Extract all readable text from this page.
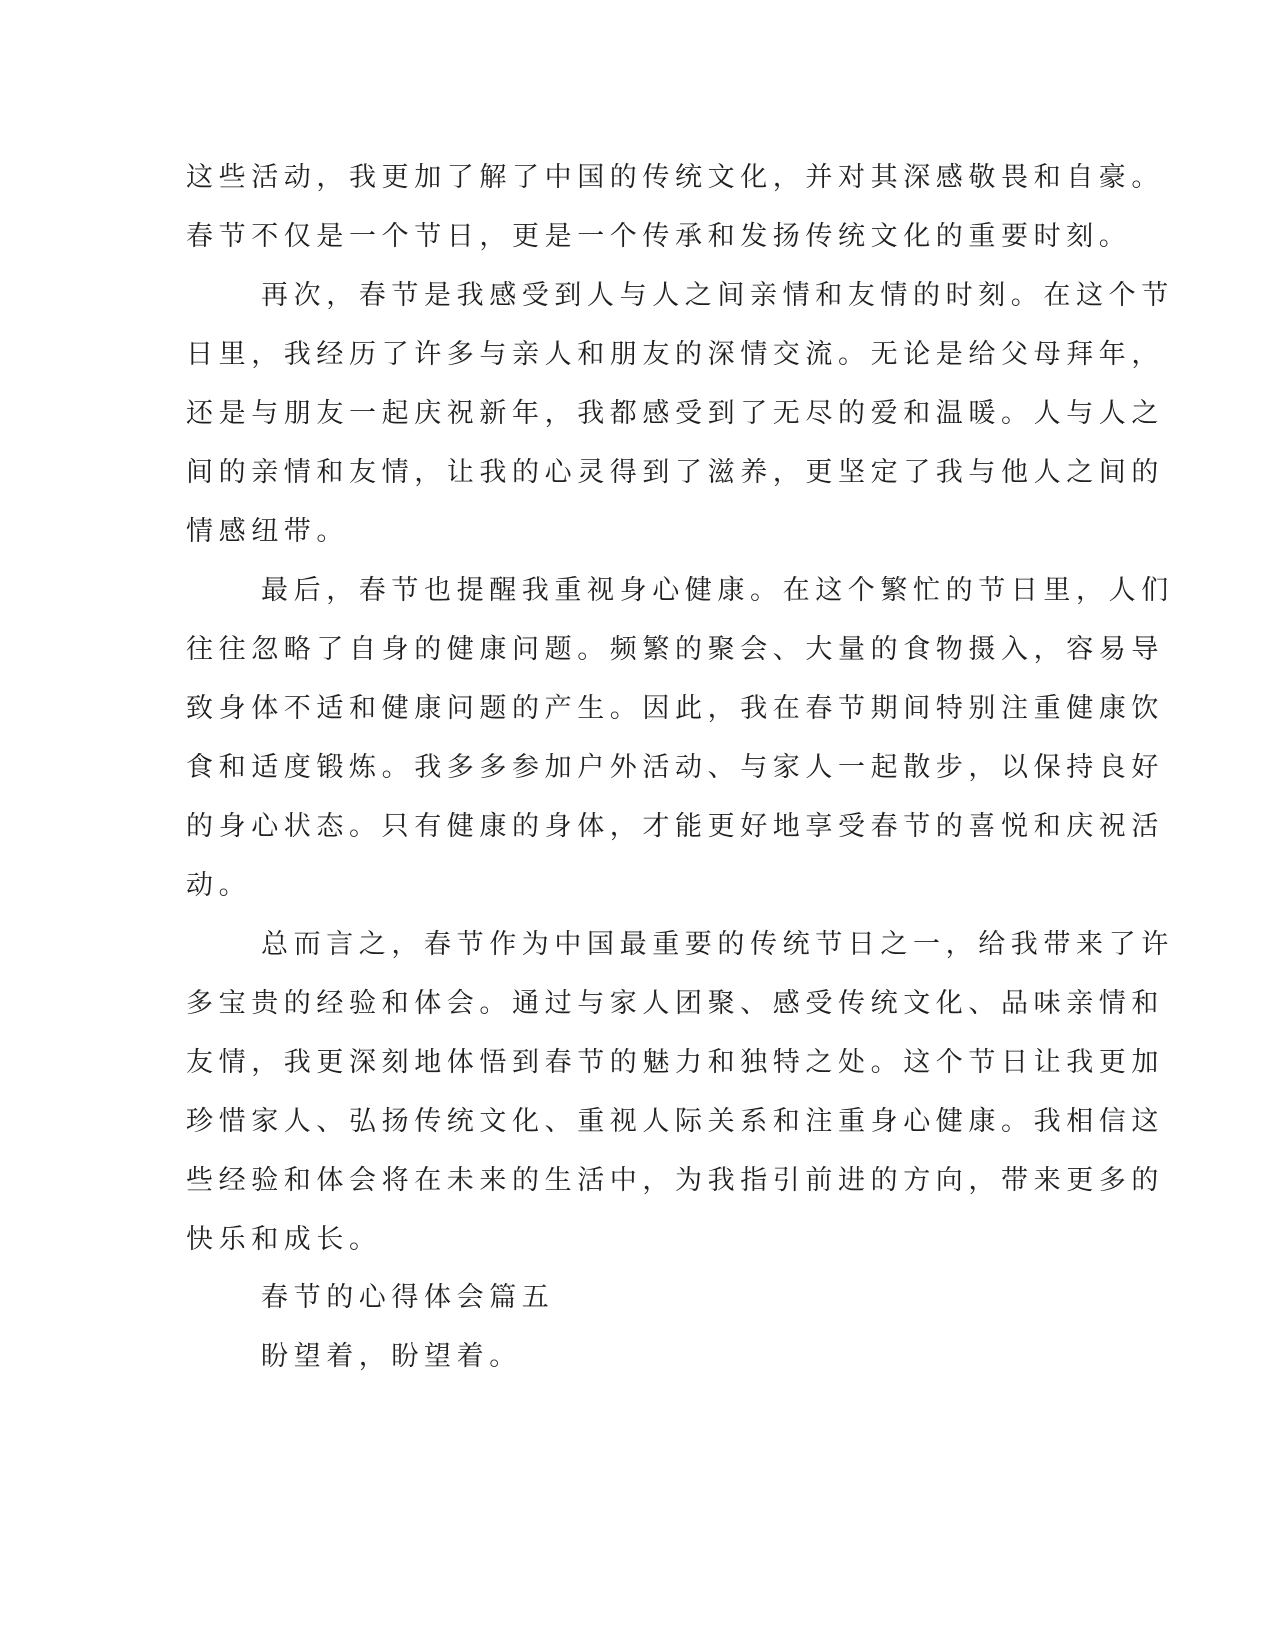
这些活动，我更加了解了中国的传统文化，并对其深感敬畏和自豪。
春节不仅是一个节日，更是一个传承和发扬传统文化的重要时刻。
再次，春节是我感受到人与人之间亲情和友情的时刻。在这个节
日里，我经历了许多与亲人和朋友的深情交流。无论是给父母拜年，
还是与朋友一起庆祝新年，我都感受到了无尽的爱和温暖。人与人之
间的亲情和友情，让我的心灵得到了滋养，更坚定了我与他人之间的
情感纽带。
最后，春节也提醒我重视身心健康。在这个繁忙的节日里，人们
往往忽略了自身的健康问题。频繁的聚会、大量的食物摄入，容易导
致身体不适和健康问题的产生。因此，我在春节期间特别注重健康饮
食和适度锻炼。我多多参加户外活动、与家人一起散步，以保持良好
的身心状态。只有健康的身体，才能更好地享受春节的喜悦和庆祝活
动。
总而言之，春节作为中国最重要的传统节日之一，给我带来了许
多宝贵的经验和体会。通过与家人团聚、感受传统文化、品味亲情和
友情，我更深刻地体悟到春节的魅力和独特之处。这个节日让我更加
珍惜家人、弘扬传统文化、重视人际关系和注重身心健康。我相信这
些经验和体会将在未来的生活中，为我指引前进的方向，带来更多的
快乐和成长。
春节的心得体会篇五
盼望着，盼望着。
